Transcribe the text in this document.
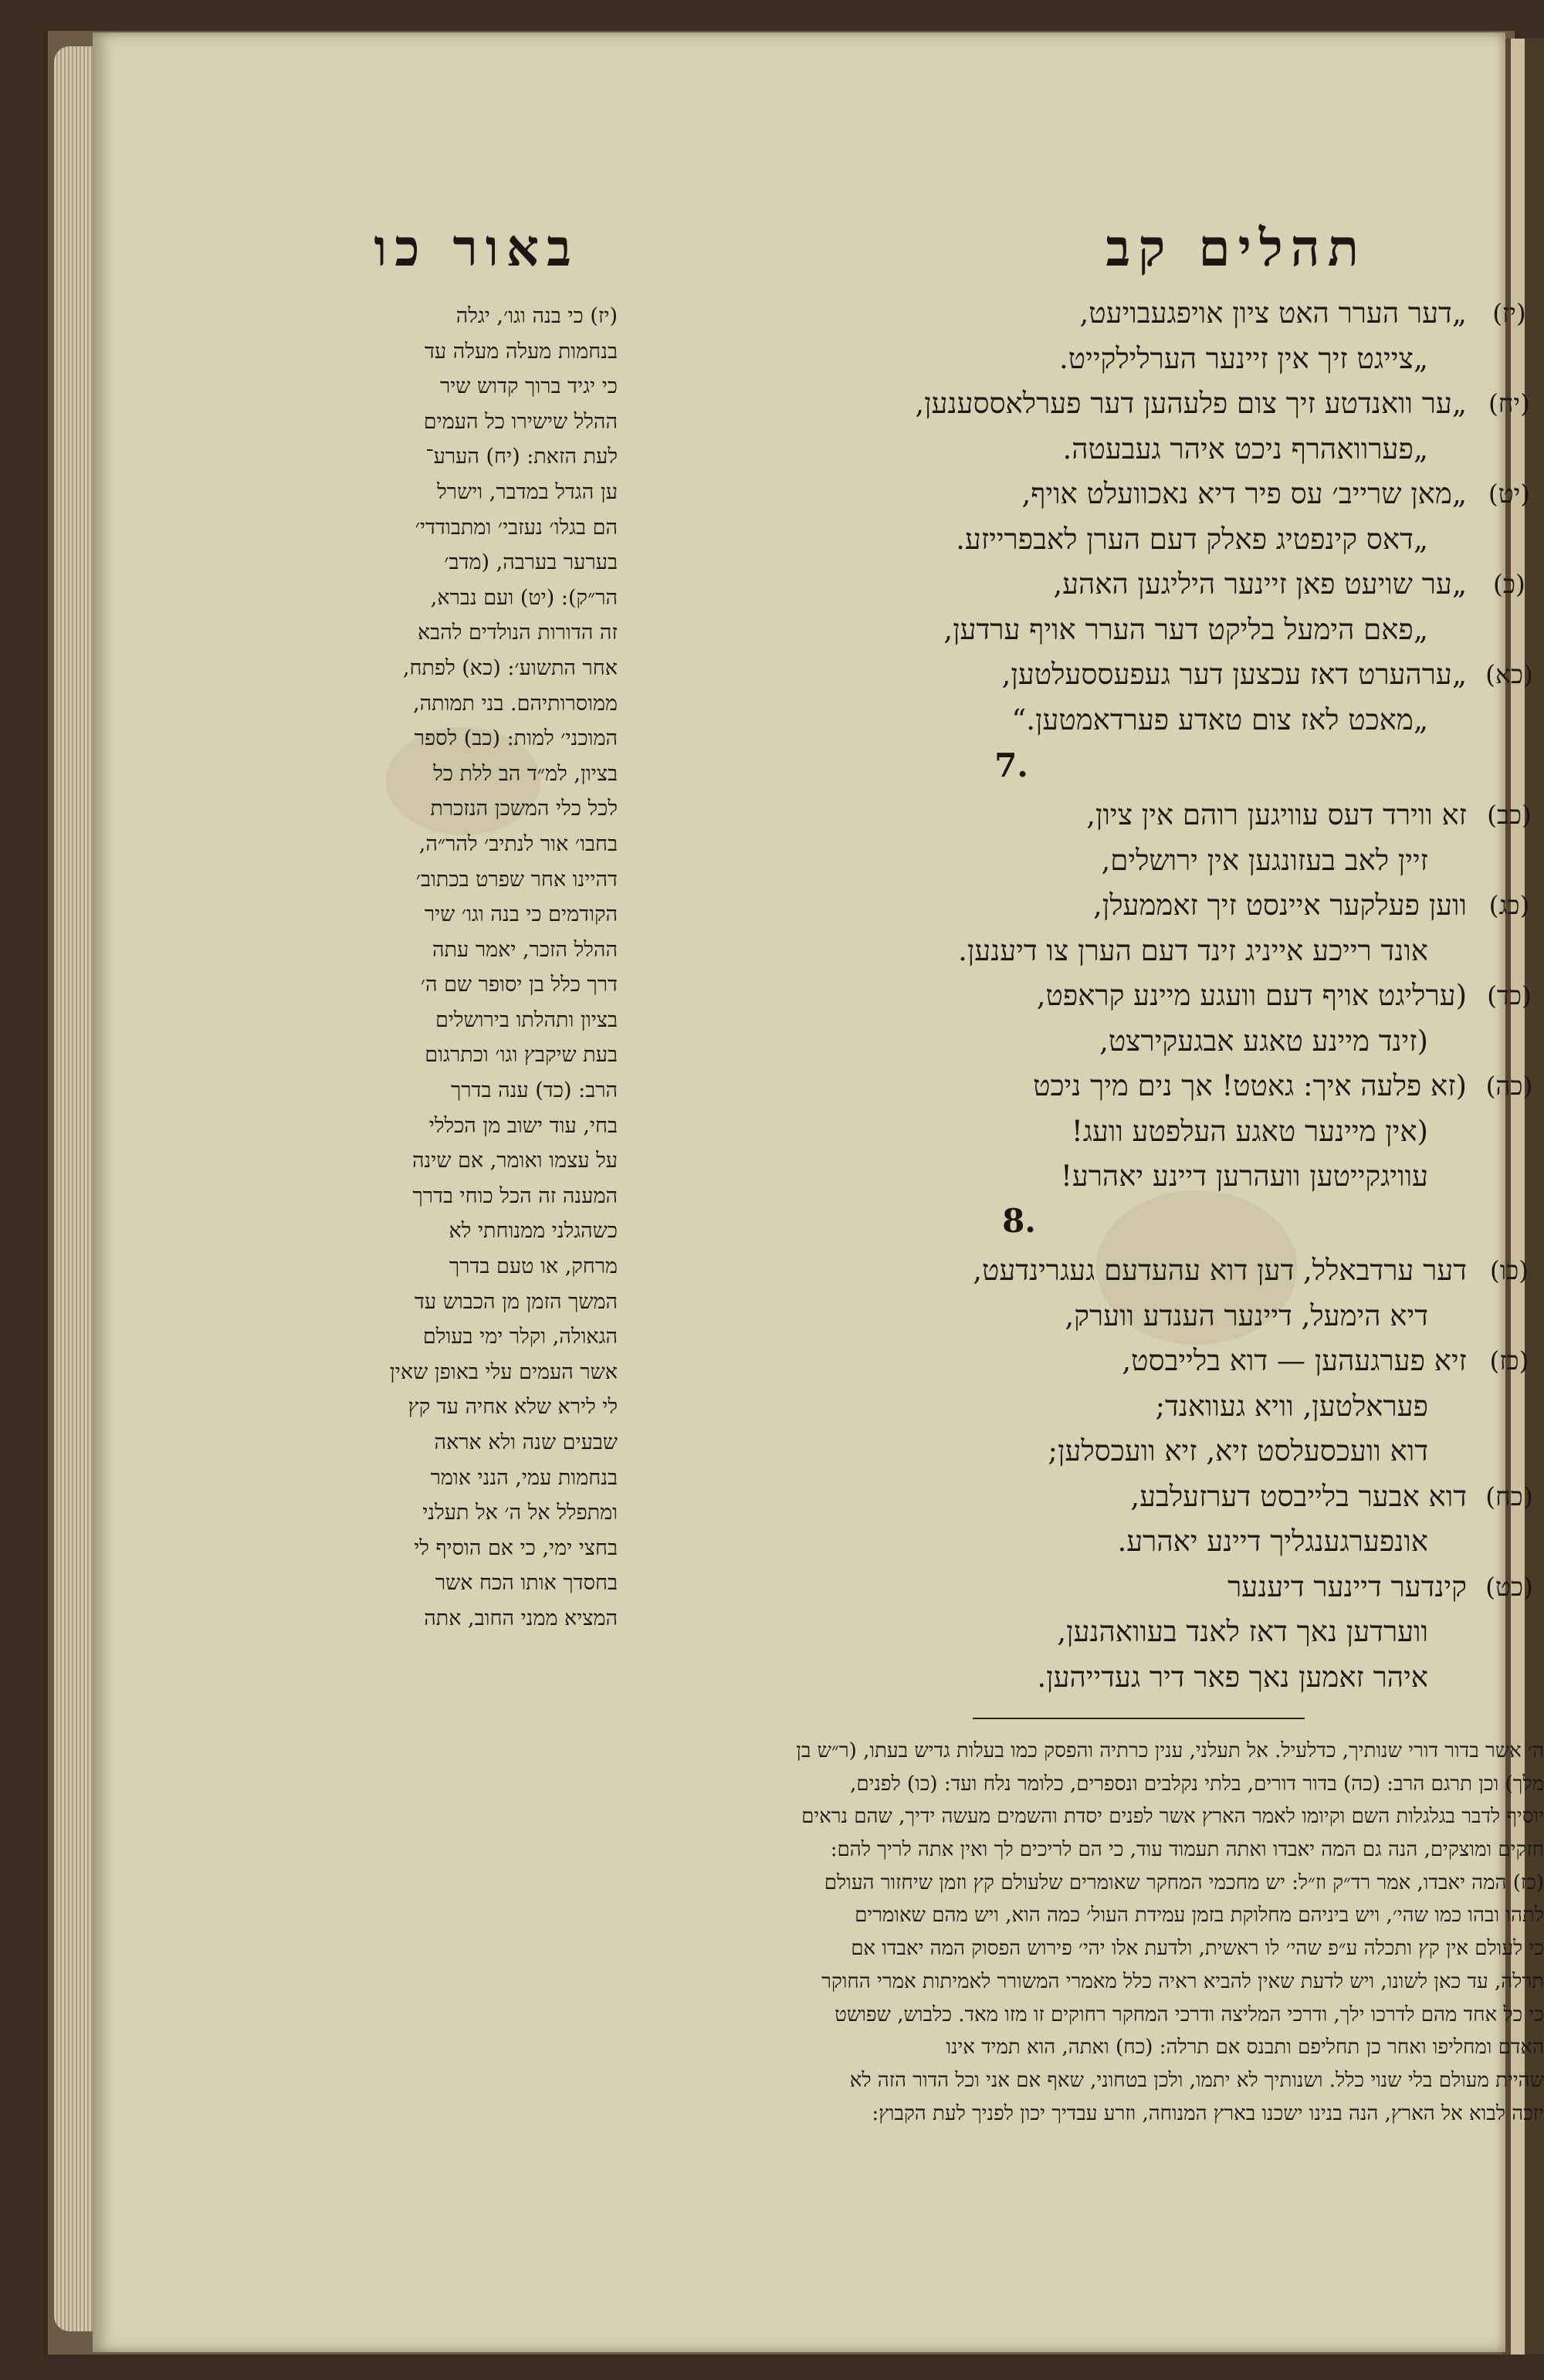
תהלים קב
באור כו
(יז)
„דער הערר האט ציון אויפגעבויעט,
„צייגט זיך אין זיינער הערלילקייט.
(יח)
„ער וואנדטע זיך צום פלעהען דער פערלאססענען,
„פערוואהרף ניכט איהר געבעטה.
(יט)
„מאן שרייב׳ עס פיר דיא נאכוועלט אויף,
„דאס קינפטיג פאלק דעם הערן לאבפרייזע.
(כ)
„ער שויעט פאן זיינער היליגען האהע,
„פאם הימעל בליקט דער הערר אויף ערדען,
(כא)
„ערהערט דאז עכצען דער געפעססעלטען,
„מאכט לאז צום טאדע פערדאמטען.“
7.
(כב)
זא ווירד דעס עוויגען רוהם אין ציון,
זיין לאב בעזונגען אין ירושלים,
(כג)
ווען פעלקער איינסט זיך זאממעלן,
אונד רייכע אייניג זינד דעם הערן צו דיענען.
(כד)
(ערליגט אויף דעם וועגע מיינע קראפט,
(זינד מיינע טאגע אבגעקירצט,
(כה)
(זא פלעה איך: גאטט! אך נים מיך ניכט
(אין מיינער טאגע העלפטע וועג!
עוויגקייטען וועהרען דיינע יאהרע!
8.
(כו)
דער ערדבאלל, דען דוא עהעדעם געגרינדעט,
דיא הימעל, דיינער הענדע ווערק,
(כז)
זיא פערגעהען — דוא בלייבסט,
פעראלטען, וויא געוואנד;
דוא וועכסעלסט זיא, זיא וועכסלען;
(כח)
דוא אבער בלייבסט דערזעלבע,
אונפערגענגליך דיינע יאהרע.
(כט)
קינדער דיינער דיענער
ווערדען נאך דאז לאנד בעוואהנען,
איהר זאמען נאך פאר דיר געדייהען.
(יז) כי בנה וגו׳, יגלה
בנחמות מעלה מעלה עד
כי יגיד ברוך קדוש שיר
ההלל שישירו כל העמים
לעת הזאת: (יח) הערע־
ען הגדל במדבר, וישרל
הם בגלו׳ נעזבי׳ ומתבודדי׳
בערער בערבה, (מדב׳
הר״ק): (יט) ועם נברא,
זה הדורות הנולדים להבא
אחר התשוע׳: (כא) לפתח,
ממוסרותיהם. בני תמותה,
המוכני׳ למות: (כב) לספר
בציון, למ״ד הב ללת כל
לכל כלי המשכן הנזכרת
בחבו׳ אור לנתיב׳ להר״ה,
דהיינו אחר שפרט בכתוב׳
הקודמים כי בנה וגו׳ שיר
ההלל הזכר, יאמר עתה
דרך כלל בן יסופר שם ה׳
בציון ותהלתו בירושלים
בעת שיקבץ וגו׳ וכתרגום
הרב: (כד) ענה בדרך
בחי, עוד ישוב מן הכללי
על עצמו ואומר, אם שינה
המענה זה הכל כוחי בדרך
כשהגלני ממנוחתי לא
מרחק, או טעם בדרך
המשך הזמן מן הכבוש עד
הגאולה, וקלר ימי בעולם
אשר העמים עלי באופן שאין
לי לירא שלא אחיה עד קץ
שבעים שנה ולא אראה
בנחמות עמי, הנני אומר
ומתפלל אל ה׳ אל תעלני
בחצי ימי, כי אם הוסיף לי
בחסדך אותו הכח אשר
המציא ממני החוב, אתה
ה׳ אשר בדור דורי שנותיך, כדלעיל. אל תעלני, ענין כרתיה והפסק כמו בעלות גדיש בעתו, (ר״ש בן
מלך) וכן תרגם הרב: (כה) בדור דורים, בלתי נקלבים ונספרים, כלומר נלח ועד: (כו) לפנים,
יוסיף לדבר בגלגלות השם וקיומו לאמר הארץ אשר לפנים יסדת והשמים מעשה ידיך, שהם נראים
חזקים ומוצקים, הנה גם המה יאבדו ואתה תעמוד עוד, כי הם לריכים לך ואין אתה לריך להם:
(כז) המה יאבדו, אמר רד״ק וז״ל: יש מחכמי המחקר שאומרים שלעולם קץ וזמן שיחזור העולם
לתהו ובהו כמו שהי׳, ויש ביניהם מחלוקת בזמן עמידת העול׳ כמה הוא, ויש מהם שאומרים
כי לעולם אין קץ ותכלה ע״פ שהי׳ לו ראשית, ולדעת אלו יהי׳ פירוש הפסוק המה יאבדו אם
תרלה, עד כאן לשונו, ויש לדעת שאין להביא ראיה כלל מאמרי המשורר לאמיתות אמרי החוקר
כי כל אחד מהם לדרכו ילך, ודרכי המליצה ודרכי המחקר רחוקים זו מזו מאד. כלבוש, שפושט
האדם ומחליפו ואחר כן תחליפם ותבנס אם תרלה: (כח) ואתה, הוא תמיד אינו
שהיית מעולם בלי שנוי כלל. ושנותיך לא יתמו, ולכן בטחוני, שאף אם אני וכל הדור הזה לא
יזכה לבוא אל הארץ, הנה בנינו ישכנו בארץ המנוחה, וזרע עבדיך יכון לפניך לעת הקבוץ:
